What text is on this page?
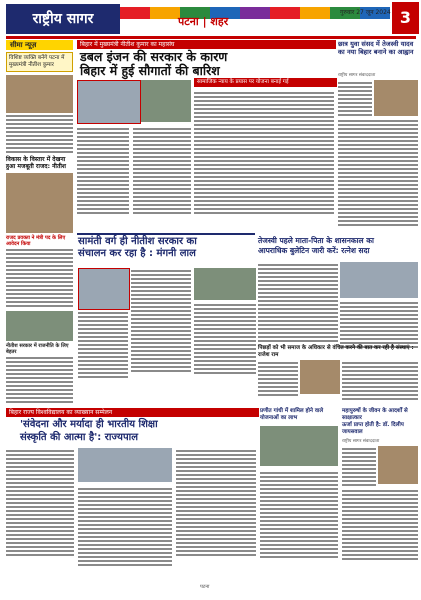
राष्ट्रीय सागर	पटना | शहर
गुरुवार 27 जून 2024 3
सीमा न्यूज़
विशिष्ट व्यक्ति बनेंगे पटना में मुख्यमंत्री नीतीश कुमार
विकास के विस्तार में देखना हुआ मजबूती राजद: नीतीश
राजद प्रवक्ता ने मंत्री पद के लिए आवेदन किया
नीतीश सरकार में राजनीति के लिए बेहतर
बिहार में मुख्यमंत्री नीतीश कुमार का महासंघ
डबल इंजन की सरकार के कारण
बिहार में हुई सौगातों की बारिश
सामाजिक न्याय के प्रयास पर योजना बनाई गई
छात्र युवा संसद में तेजस्वी यादव
का नया बिहार बनाने का आह्वान
राष्ट्रीय सागर संवाददाता
सामंती वर्ग ही नीतीश सरकार का
संचालन कर रहा है : मंगनी लाल
तेजस्वी पहले माता-पिता के शासनकाल का
आपराधिक बुलेटिन जारी करें: रत्नेश सदा
पिछड़ों को भी समाज के अधिकार से वंचित करने की बात कर रही है संस्थाएं : राजेश राम
बिहार राज्य विश्वविद्यालय का व्याख्यान सम्मेलन
'संवेदना और मर्यादा ही भारतीय शिक्षा
संस्कृति की आत्मा है': राज्यपाल
प्रणीत गांधी में शामिल होने वाले योजनाओं का लाभ
महापुरुषों के जीवन के आदर्शों से साक्षात्कार
ऊर्जा प्राप्त होती है: डॉ. दिलीप जायसवाल
राष्ट्रीय सागर संवाददाता
पटना
